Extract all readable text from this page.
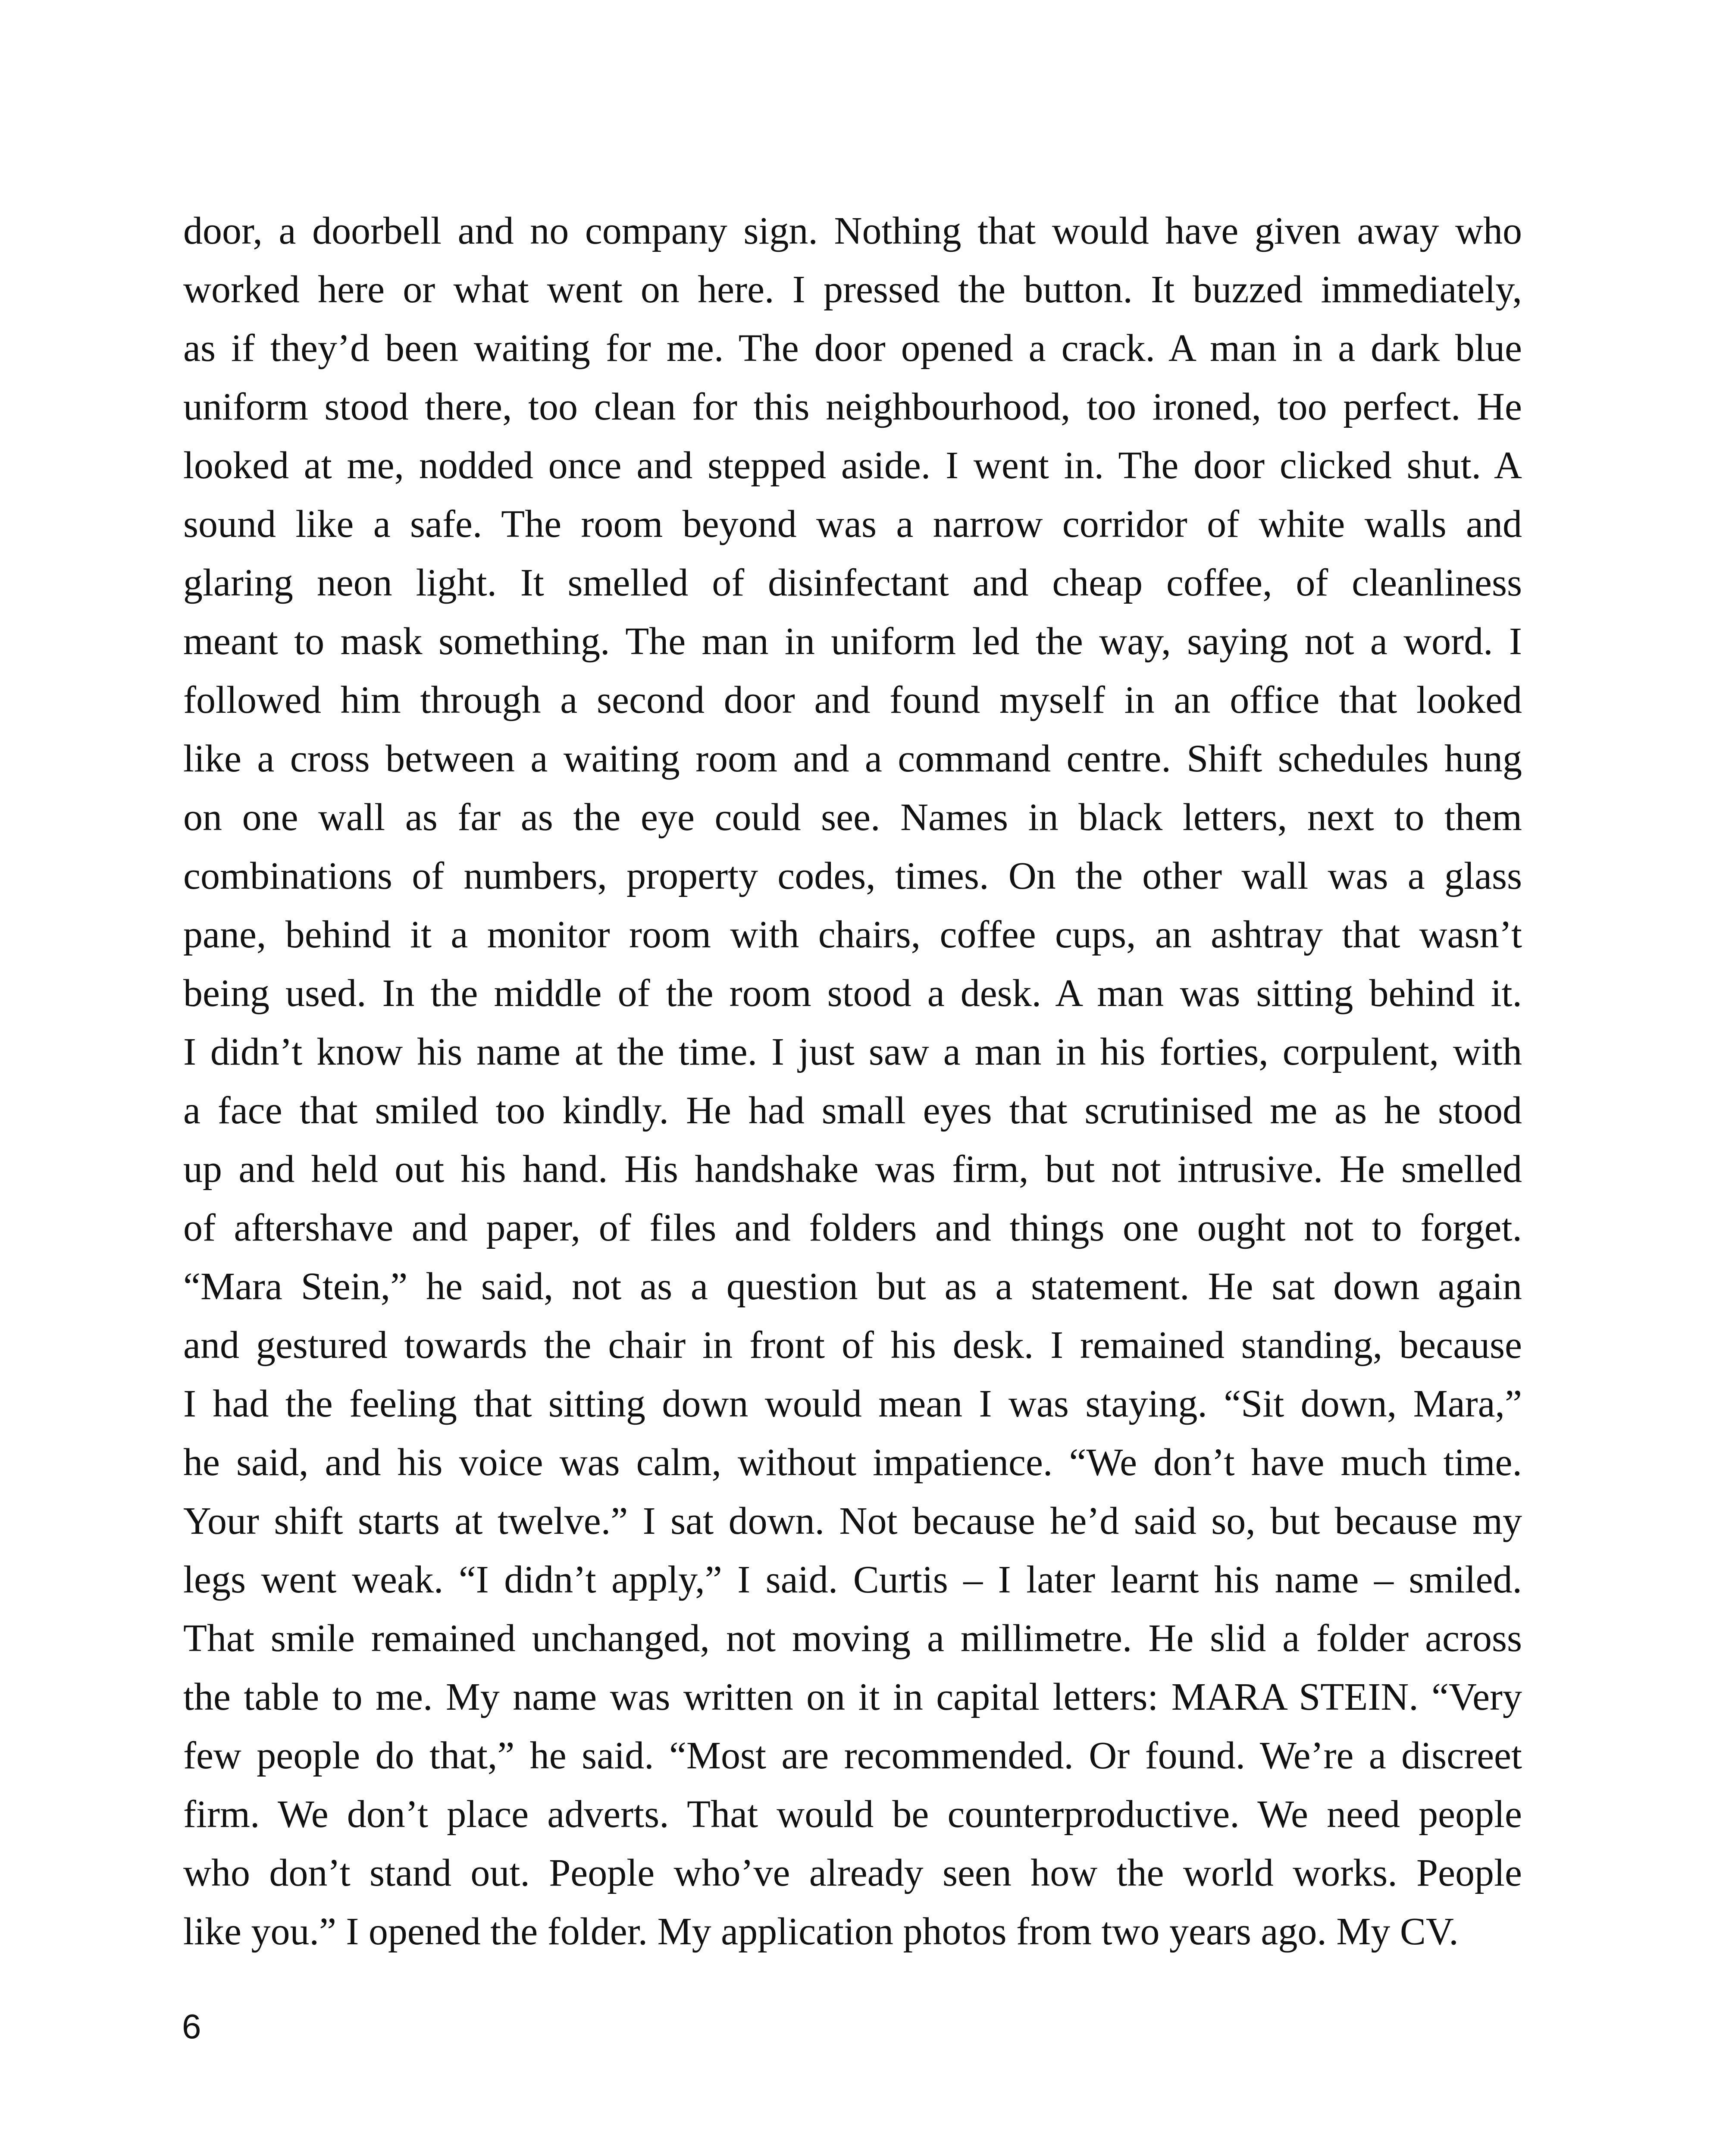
door, a doorbell and no company sign. Nothing that would have given away who
worked here or what went on here. I pressed the button. It buzzed immediately,
as if they’d been waiting for me. The door opened a crack. A man in a dark blue
uniform stood there, too clean for this neighbourhood, too ironed, too perfect. He
looked at me, nodded once and stepped aside. I went in. The door clicked shut. A
sound like a safe. The room beyond was a narrow corridor of white walls and
glaring neon light. It smelled of disinfectant and cheap coffee, of cleanliness
meant to mask something. The man in uniform led the way, saying not a word. I
followed him through a second door and found myself in an office that looked
like a cross between a waiting room and a command centre. Shift schedules hung
on one wall as far as the eye could see. Names in black letters, next to them
combinations of numbers, property codes, times. On the other wall was a glass
pane, behind it a monitor room with chairs, coffee cups, an ashtray that wasn’t
being used. In the middle of the room stood a desk. A man was sitting behind it.
I didn’t know his name at the time. I just saw a man in his forties, corpulent, with
a face that smiled too kindly. He had small eyes that scrutinised me as he stood
up and held out his hand. His handshake was firm, but not intrusive. He smelled
of aftershave and paper, of files and folders and things one ought not to forget.
“Mara Stein,” he said, not as a question but as a statement. He sat down again
and gestured towards the chair in front of his desk. I remained standing, because
I had the feeling that sitting down would mean I was staying. “Sit down, Mara,”
he said, and his voice was calm, without impatience. “We don’t have much time.
Your shift starts at twelve.” I sat down. Not because he’d said so, but because my
legs went weak. “I didn’t apply,” I said. Curtis – I later learnt his name – smiled.
That smile remained unchanged, not moving a millimetre. He slid a folder across
the table to me. My name was written on it in capital letters: MARA STEIN. “Very
few people do that,” he said. “Most are recommended. Or found. We’re a discreet
firm. We don’t place adverts. That would be counterproductive. We need people
who don’t stand out. People who’ve already seen how the world works. People
like you.” I opened the folder. My application photos from two years ago. My CV.
6
